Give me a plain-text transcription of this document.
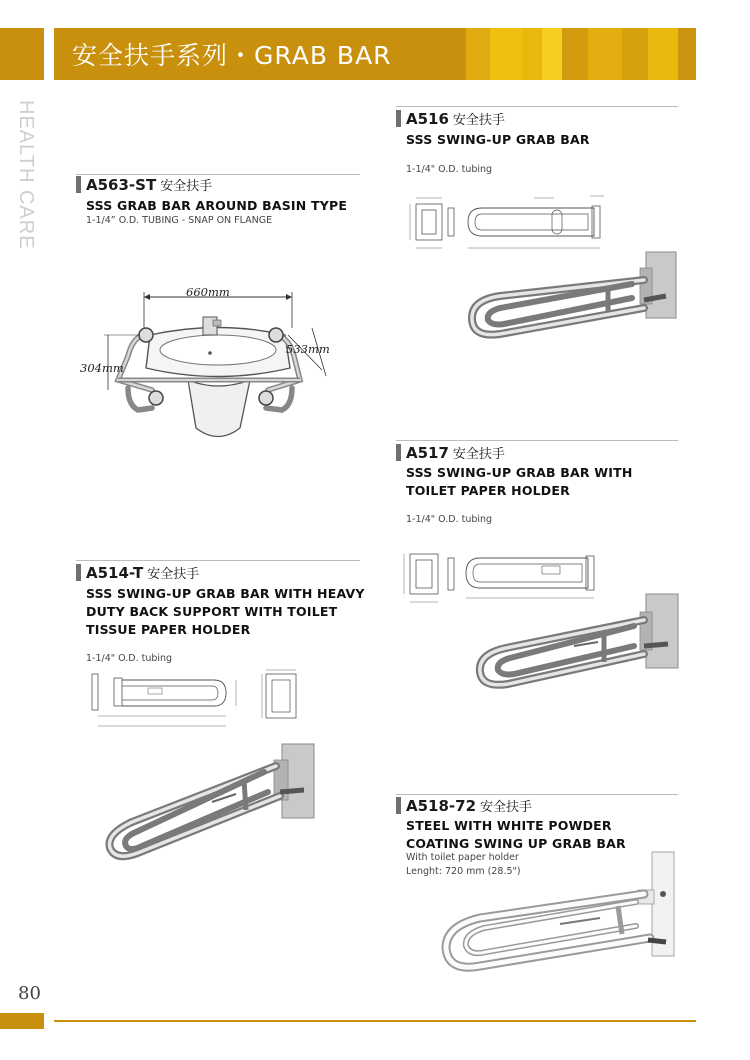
安全扶手系列・GRAB BAR
HEALTH CARE	A563-ST 安全扶手
SSS GRAB BAR AROUND BASIN TYPE
1-1/4” O.D. TUBING - SNAP ON FLANGE
660mm
533mm
304mm
A516 安全扶手
SSS SWING-UP GRAB BAR
1-1/4" O.D. tubing
A517 安全扶手
SSS SWING-UP GRAB BAR WITH TOILET PAPER HOLDER
1-1/4" O.D. tubing
A514-T 安全扶手
SSS SWING-UP GRAB BAR WITH HEAVY DUTY BACK SUPPORT WITH TOILET TISSUE PAPER HOLDER
1-1/4" O.D. tubing
A518-72 安全扶手
STEEL WITH WHITE POWDER COATING SWING UP GRAB BAR
With toilet paper holder
Lenght: 720 mm (28.5")
80
